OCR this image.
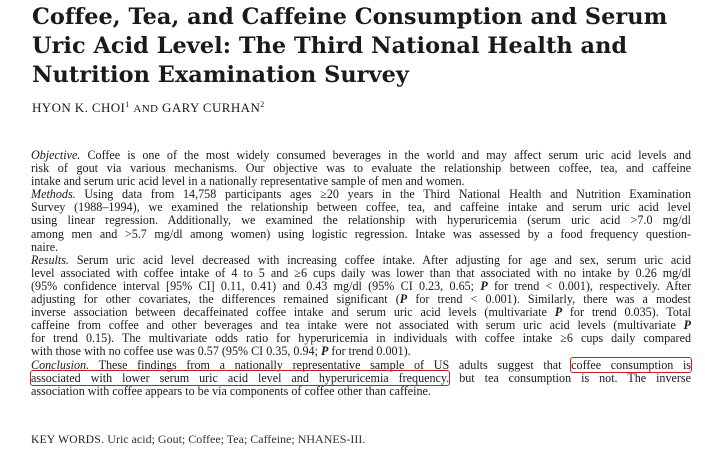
Coffee, Tea, and Caffeine Consumption and Serum
Uric Acid Level: The Third National Health and
Nutrition Examination Survey
HYON K. CHOI$^1$ AND GARY CURHAN$^2$
Objective. Coffee is one of the most widely consumed beverages in the world and may affect serum uric acid levels and
risk of gout via various mechanisms. Our objective was to evaluate the relationship between coffee, tea, and caffeine
intake and serum uric acid level in a nationally representative sample of men and women.
Methods. Using data from 14,758 participants ages ≥20 years in the Third National Health and Nutrition Examination
Survey (1988–1994), we examined the relationship between coffee, tea, and caffeine intake and serum uric acid level
using linear regression. Additionally, we examined the relationship with hyperuricemia (serum uric acid >7.0 mg/dl
among men and >5.7 mg/dl among women) using logistic regression. Intake was assessed by a food frequency question-
naire.
Results. Serum uric acid level decreased with increasing coffee intake. After adjusting for age and sex, serum uric acid
level associated with coffee intake of 4 to 5 and ≥6 cups daily was lower than that associated with no intake by 0.26 mg/dl
(95% confidence interval [95% CI] 0.11, 0.41) and 0.43 mg/dl (95% CI 0.23, 0.65; P for trend < 0.001), respectively. After
adjusting for other covariates, the differences remained significant (P for trend < 0.001). Similarly, there was a modest
inverse association between decaffeinated coffee intake and serum uric acid levels (multivariate P for trend 0.035). Total
caffeine from coffee and other beverages and tea intake were not associated with serum uric acid levels (multivariate P
for trend 0.15). The multivariate odds ratio for hyperuricemia in individuals with coffee intake ≥6 cups daily compared
with those with no coffee use was 0.57 (95% CI 0.35, 0.94; P for trend 0.001).
Conclusion. These findings from a nationally representative sample of US adults suggest that coffee consumption is
associated with lower serum uric acid level and hyperuricemia frequency. but tea consumption is not. The inverse
association with coffee appears to be via components of coffee other than caffeine.
KEY WORDS. Uric acid; Gout; Coffee; Tea; Caffeine; NHANES-III.
